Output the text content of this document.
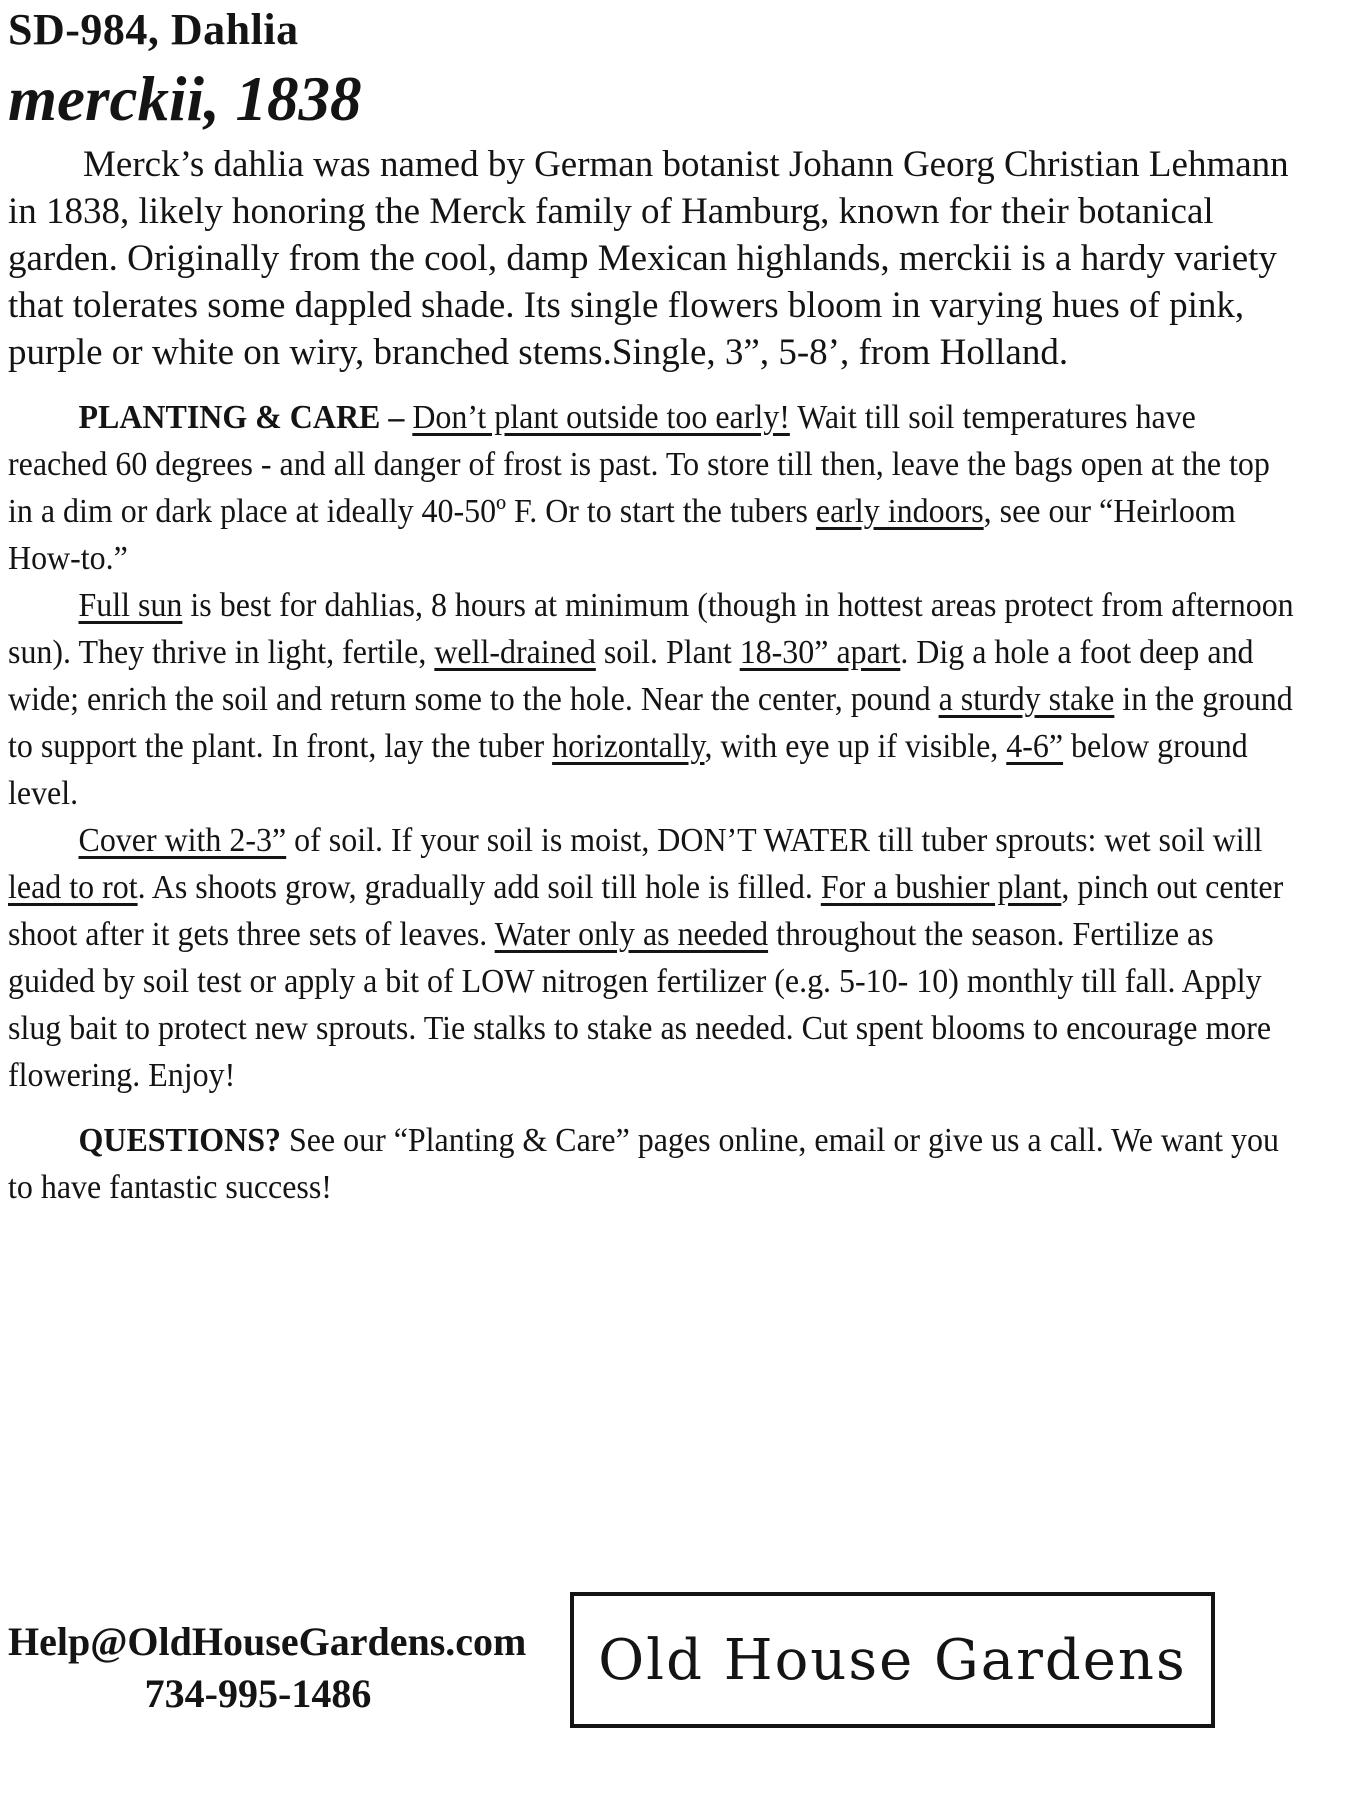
SD-984, Dahlia
merckii, 1838

Merck’s dahlia was named by German botanist Johann Georg Christian Lehmann in 1838, likely honoring the Merck family of Hamburg, known for their botanical garden. Originally from the cool, damp Mexican highlands, merckii is a hardy variety that tolerates some dappled shade. Its single flowers bloom in varying hues of pink, purple or white on wiry, branched stems.Single, 3”, 5-8’, from Holland.

PLANTING & CARE – Don’t plant outside too early! Wait till soil temperatures have reached 60 degrees - and all danger of frost is past. To store till then, leave the bags open at the top in a dim or dark place at ideally 40-50º F. Or to start the tubers early indoors, see our “Heirloom How-to.”

Full sun is best for dahlias, 8 hours at minimum (though in hottest areas protect from afternoon sun). They thrive in light, fertile, well-drained soil. Plant 18-30” apart. Dig a hole a foot deep and wide; enrich the soil and return some to the hole. Near the center, pound a sturdy stake in the ground to support the plant. In front, lay the tuber horizontally, with eye up if visible, 4-6” below ground level.

Cover with 2-3” of soil. If your soil is moist, DON’T WATER till tuber sprouts: wet soil will lead to rot. As shoots grow, gradually add soil till hole is filled. For a bushier plant, pinch out center shoot after it gets three sets of leaves. Water only as needed throughout the season. Fertilize as guided by soil test or apply a bit of LOW nitrogen fertilizer (e.g. 5-10- 10) monthly till fall. Apply slug bait to protect new sprouts. Tie stalks to stake as needed. Cut spent blooms to encourage more flowering. Enjoy!

QUESTIONS? See our “Planting & Care” pages online, email or give us a call. We want you to have fantastic success!

Help@OldHouseGardens.com
734-995-1486
Old House Gardens
